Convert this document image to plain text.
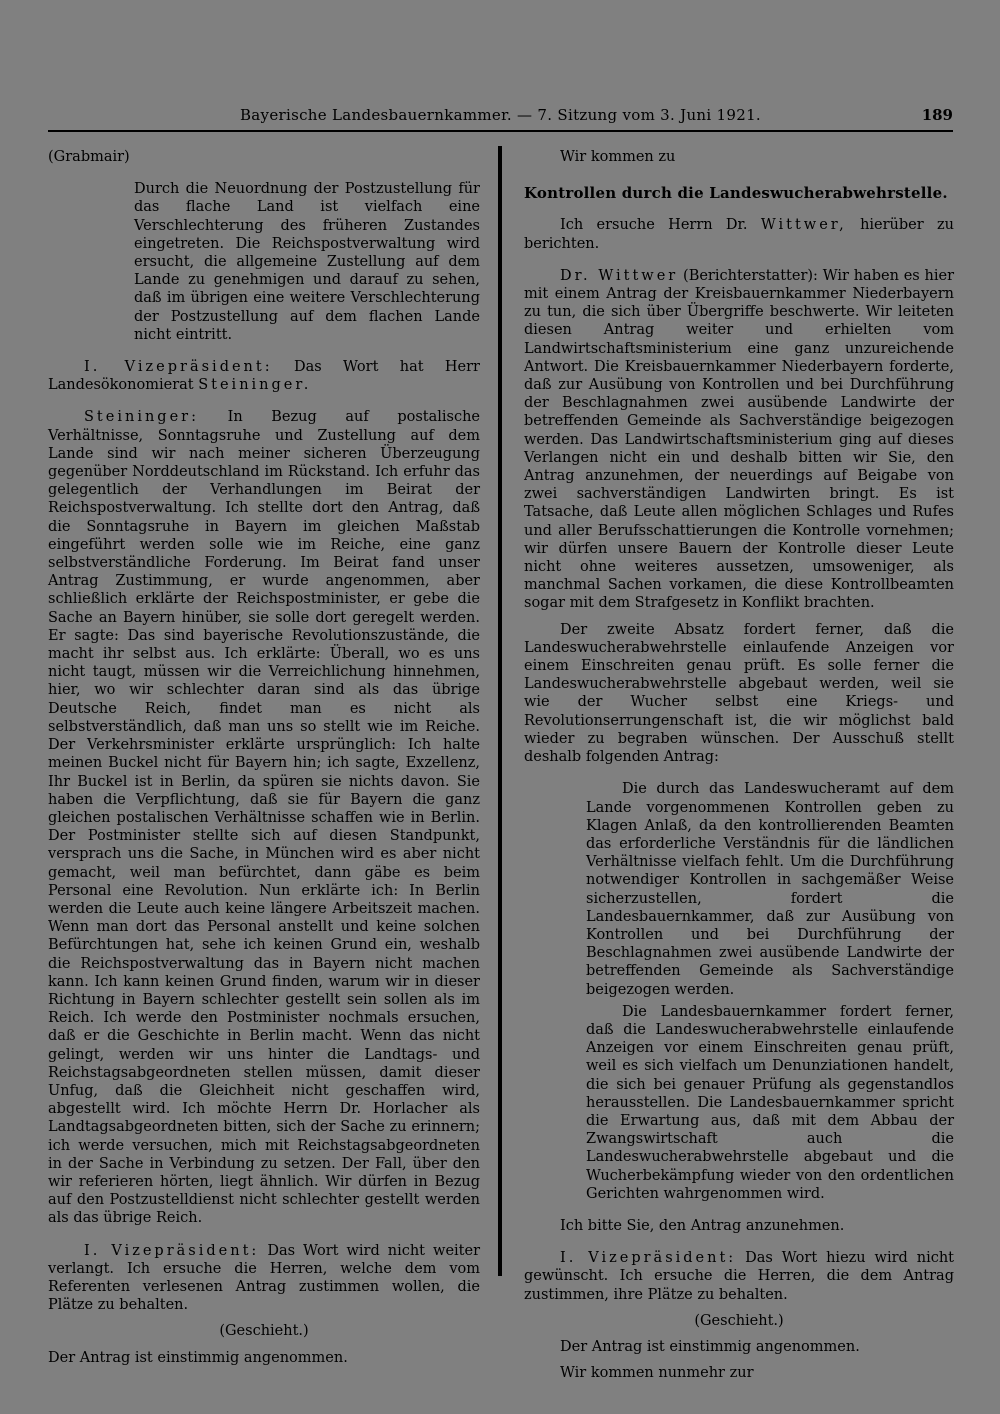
Bayerische Landesbauernkammer. — 7. Sitzung vom 3. Juni 1921.	189

(Grabmair)

Durch die Neuordnung der Postzustellung für das flache Land ist vielfach eine Verschlechterung des früheren Zustandes eingetreten. Die Reichspostverwaltung wird ersucht, die allgemeine Zustellung auf dem Lande zu genehmigen und darauf zu sehen, daß im übrigen eine weitere Verschlechterung der Postzustellung auf dem flachen Lande nicht eintritt.

I. Vizepräsident: Das Wort hat Herr Landesökonomierat Steininger.

Steininger: In Bezug auf postalische Verhältnisse, Sonntagsruhe und Zustellung auf dem Lande sind wir nach meiner sicheren Überzeugung gegenüber Norddeutschland im Rückstand. Ich erfuhr das gelegentlich der Verhandlungen im Beirat der Reichspostverwaltung. Ich stellte dort den Antrag, daß die Sonntagsruhe in Bayern im gleichen Maßstab eingeführt werden solle wie im Reiche, eine ganz selbstverständliche Forderung. Im Beirat fand unser Antrag Zustimmung, er wurde angenommen, aber schließlich erklärte der Reichspostminister, er gebe die Sache an Bayern hinüber, sie solle dort geregelt werden. Er sagte: Das sind bayerische Revolutionszustände, die macht ihr selbst aus. Ich erklärte: Überall, wo es uns nicht taugt, müssen wir die Verreichlichung hinnehmen, hier, wo wir schlechter daran sind als das übrige Deutsche Reich, findet man es nicht als selbstverständlich, daß man uns so stellt wie im Reiche. Der Verkehrsminister erklärte ursprünglich: Ich halte meinen Buckel nicht für Bayern hin; ich sagte, Exzellenz, Ihr Buckel ist in Berlin, da spüren sie nichts davon. Sie haben die Verpflichtung, daß sie für Bayern die ganz gleichen postalischen Verhältnisse schaffen wie in Berlin. Der Postminister stellte sich auf diesen Standpunkt, versprach uns die Sache, in München wird es aber nicht gemacht, weil man befürchtet, dann gäbe es beim Personal eine Revolution. Nun erklärte ich: In Berlin werden die Leute auch keine längere Arbeitszeit machen. Wenn man dort das Personal anstellt und keine solchen Befürchtungen hat, sehe ich keinen Grund ein, weshalb die Reichspostverwaltung das in Bayern nicht machen kann. Ich kann keinen Grund finden, warum wir in dieser Richtung in Bayern schlechter gestellt sein sollen als im Reich. Ich werde den Postminister nochmals ersuchen, daß er die Geschichte in Berlin macht. Wenn das nicht gelingt, werden wir uns hinter die Landtags- und Reichstagsabgeordneten stellen müssen, damit dieser Unfug, daß die Gleichheit nicht geschaffen wird, abgestellt wird. Ich möchte Herrn Dr. Horlacher als Landtagsabgeordneten bitten, sich der Sache zu erinnern; ich werde versuchen, mich mit Reichstagsabgeordneten in der Sache in Verbindung zu setzen. Der Fall, über den wir referieren hörten, liegt ähnlich. Wir dürfen in Bezug auf den Postzustelldienst nicht schlechter gestellt werden als das übrige Reich.

I. Vizepräsident: Das Wort wird nicht weiter verlangt. Ich ersuche die Herren, welche dem vom Referenten verlesenen Antrag zustimmen wollen, die Plätze zu behalten.

(Geschieht.)

Der Antrag ist einstimmig angenommen.

Wir kommen zu

Kontrollen durch die Landeswucherabwehrstelle.

Ich ersuche Herrn Dr. Wittwer, hierüber zu berichten.

Dr. Wittwer (Berichterstatter): Wir haben es hier mit einem Antrag der Kreisbauernkammer Niederbayern zu tun, die sich über Übergriffe beschwerte. Wir leiteten diesen Antrag weiter und erhielten vom Landwirtschaftsministerium eine ganz unzureichende Antwort. Die Kreisbauernkammer Niederbayern forderte, daß zur Ausübung von Kontrollen und bei Durchführung der Beschlagnahmen zwei ausübende Landwirte der betreffenden Gemeinde als Sachverständige beigezogen werden. Das Landwirtschaftsministerium ging auf dieses Verlangen nicht ein und deshalb bitten wir Sie, den Antrag anzunehmen, der neuerdings auf Beigabe von zwei sachverständigen Landwirten bringt. Es ist Tatsache, daß Leute allen möglichen Schlages und Rufes und aller Berufsschattierungen die Kontrolle vornehmen; wir dürfen unsere Bauern der Kontrolle dieser Leute nicht ohne weiteres aussetzen, umsoweniger, als manchmal Sachen vorkamen, die diese Kontrollbeamten sogar mit dem Strafgesetz in Konflikt brachten.

Der zweite Absatz fordert ferner, daß die Landeswucherabwehrstelle einlaufende Anzeigen vor einem Einschreiten genau prüft. Es solle ferner die Landeswucherabwehrstelle abgebaut werden, weil sie wie der Wucher selbst eine Kriegs- und Revolutionserrungenschaft ist, die wir möglichst bald wieder zu begraben wünschen. Der Ausschuß stellt deshalb folgenden Antrag:

Die durch das Landeswucheramt auf dem Lande vorgenommenen Kontrollen geben zu Klagen Anlaß, da den kontrollierenden Beamten das erforderliche Verständnis für die ländlichen Verhältnisse vielfach fehlt. Um die Durchführung notwendiger Kontrollen in sachgemäßer Weise sicherzustellen, fordert die Landesbauernkammer, daß zur Ausübung von Kontrollen und bei Durchführung der Beschlagnahmen zwei ausübende Landwirte der betreffenden Gemeinde als Sachverständige beigezogen werden.

Die Landesbauernkammer fordert ferner, daß die Landeswucherabwehrstelle einlaufende Anzeigen vor einem Einschreiten genau prüft, weil es sich vielfach um Denunziationen handelt, die sich bei genauer Prüfung als gegenstandlos herausstellen. Die Landesbauernkammer spricht die Erwartung aus, daß mit dem Abbau der Zwangswirtschaft auch die Landeswucherabwehrstelle abgebaut und die Wucherbekämpfung wieder von den ordentlichen Gerichten wahrgenommen wird.

Ich bitte Sie, den Antrag anzunehmen.

I. Vizepräsident: Das Wort hiezu wird nicht gewünscht. Ich ersuche die Herren, die dem Antrag zustimmen, ihre Plätze zu behalten.

(Geschieht.)

Der Antrag ist einstimmig angenommen.

Wir kommen nunmehr zur
